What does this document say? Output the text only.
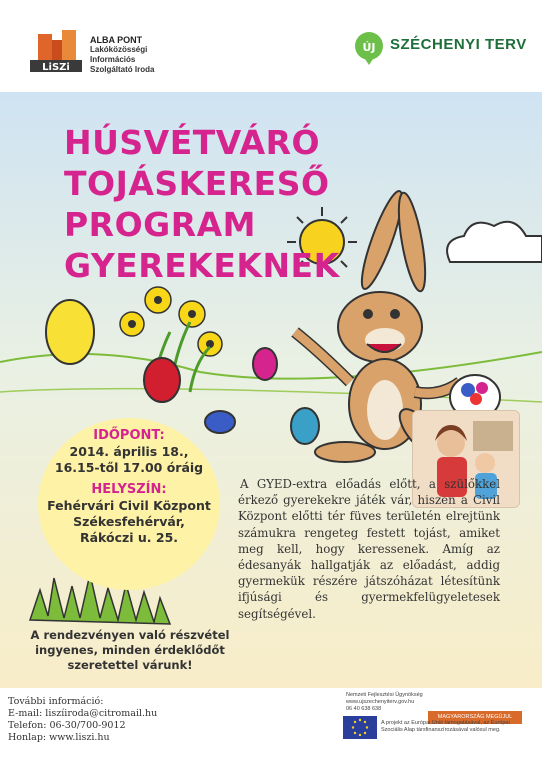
LiSZi
ALBA PONT
Lakóközösségi
Információs
Szolgáltató Iroda
ÚJ SZÉCHENYI TERV
HÚSVÉTVÁRÓ
TOJÁSKERESŐ
PROGRAM
GYEREKEKNEK
IDŐPONT:
2014. április 18.,
16.15-től 17.00 óráig
HELYSZÍN:
Fehérvári Civil Központ
Székesfehérvár,
Rákóczi u. 25.
A rendezvényen való részvétel
ingyenes, minden érdeklődőt
szeretettel várunk!

A GYED-extra előadás előtt, a szülőkkel érkező gyerekekre játék vár, hiszen a Civil Központ előtti tér füves területén elrejtünk számukra rengeteg festett tojást, amiket meg kell, hogy keressenek. Amíg az édesanyák hallgatják az előadást, addig gyermekük részére játszóházat létesítünk ifjúsági és gyermekfelügyeletesek segítségével.

További információ:
E-mail: liszíiroda@citromail.hu
Telefon: 06-30/700-9012
Honlap: www.liszi.hu
Nemzeti Fejlesztési Ügynökség
www.ujszechenyiterv.gov.hu
06 40 638 638
MAGYARORSZÁG MEGÚJUL
A projekt az Európai Unió támogatásával, az Európai Szociális Alap társfinanszírozásával valósul meg.
